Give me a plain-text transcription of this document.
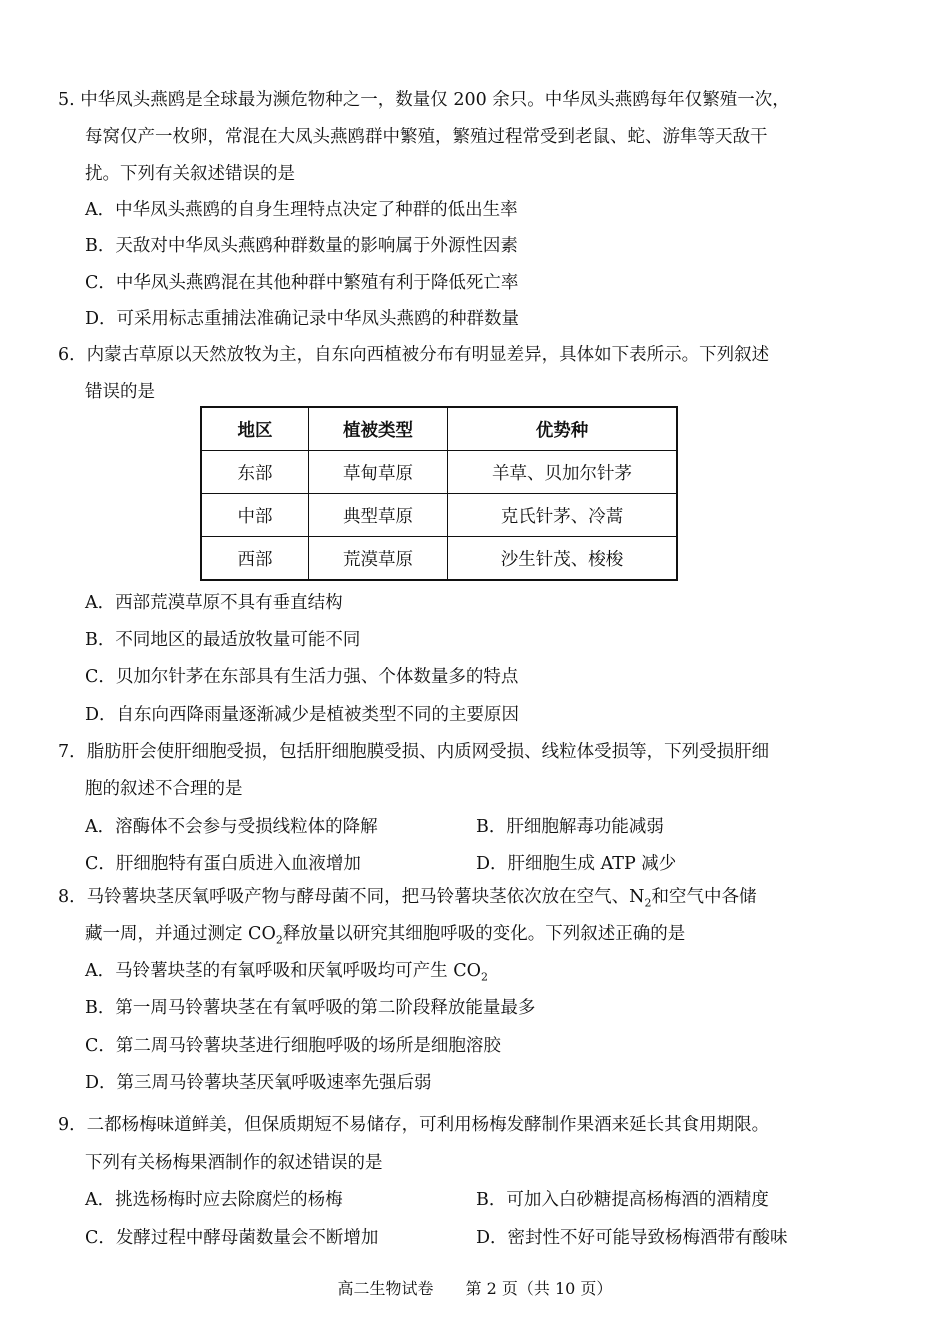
5. 中华凤头燕鸥是全球最为濒危物种之一，数量仅 200 余只。中华凤头燕鸥每年仅繁殖一次，
每窝仅产一枚卵，常混在大凤头燕鸥群中繁殖，繁殖过程常受到老鼠、蛇、游隼等天敌干
扰。下列有关叙述错误的是
A．中华凤头燕鸥的自身生理特点决定了种群的低出生率
B．天敌对中华凤头燕鸥种群数量的影响属于外源性因素
C．中华凤头燕鸥混在其他种群中繁殖有利于降低死亡率
D．可采用标志重捕法准确记录中华凤头燕鸥的种群数量
6．内蒙古草原以天然放牧为主，自东向西植被分布有明显差异，具体如下表所示。下列叙述
错误的是
地区	植被类型	优势种
东部	草甸草原	羊草、贝加尔针茅
中部	典型草原	克氏针茅、冷蒿
西部	荒漠草原	沙生针茂、梭梭
A．西部荒漠草原不具有垂直结构
B．不同地区的最适放牧量可能不同
C．贝加尔针茅在东部具有生活力强、个体数量多的特点
D．自东向西降雨量逐渐减少是植被类型不同的主要原因
7．脂肪肝会使肝细胞受损，包括肝细胞膜受损、内质网受损、线粒体受损等，下列受损肝细
胞的叙述不合理的是
A．溶酶体不会参与受损线粒体的降解	B．肝细胞解毒功能减弱
C．肝细胞特有蛋白质进入血液增加	D．肝细胞生成 ATP 减少
8．马铃薯块茎厌氧呼吸产物与酵母菌不同，把马铃薯块茎依次放在空气、$N_2$和空气中各储
藏一周，并通过测定 $CO_2$释放量以研究其细胞呼吸的变化。下列叙述正确的是
A．马铃薯块茎的有氧呼吸和厌氧呼吸均可产生 $CO_2$
B．第一周马铃薯块茎在有氧呼吸的第二阶段释放能量最多
C．第二周马铃薯块茎进行细胞呼吸的场所是细胞溶胶
D．第三周马铃薯块茎厌氧呼吸速率先强后弱
9．二都杨梅味道鲜美，但保质期短不易储存，可利用杨梅发酵制作果酒来延长其食用期限。
下列有关杨梅果酒制作的叙述错误的是
A．挑选杨梅时应去除腐烂的杨梅	B．可加入白砂糖提高杨梅酒的酒精度
C．发酵过程中酵母菌数量会不断增加	D．密封性不好可能导致杨梅酒带有酸味
高二生物试卷　　第 2 页（共 10 页）
